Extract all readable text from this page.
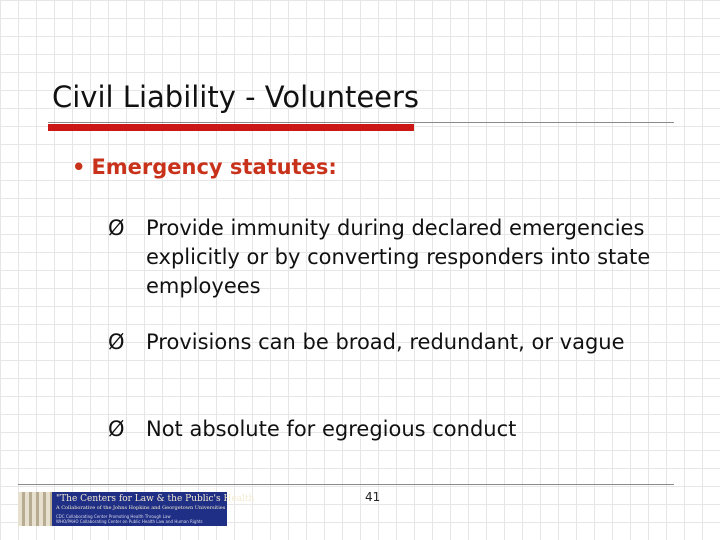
Civil Liability - Volunteers
• Emergency statutes:
Ø	Provide immunity during declared emergencies explicitly or by converting responders into state employees
Ø	Provisions can be broad, redundant, or vague
Ø	Not absolute for egregious conduct
"The Centers for Law & the Public's Health
A Collaborative of the Johns Hopkins and Georgetown Universities
CDC Collaborating Center Promoting Health Through Law
WHO/PAHO Collaborating Center on Public Health Law and Human Rights
41
